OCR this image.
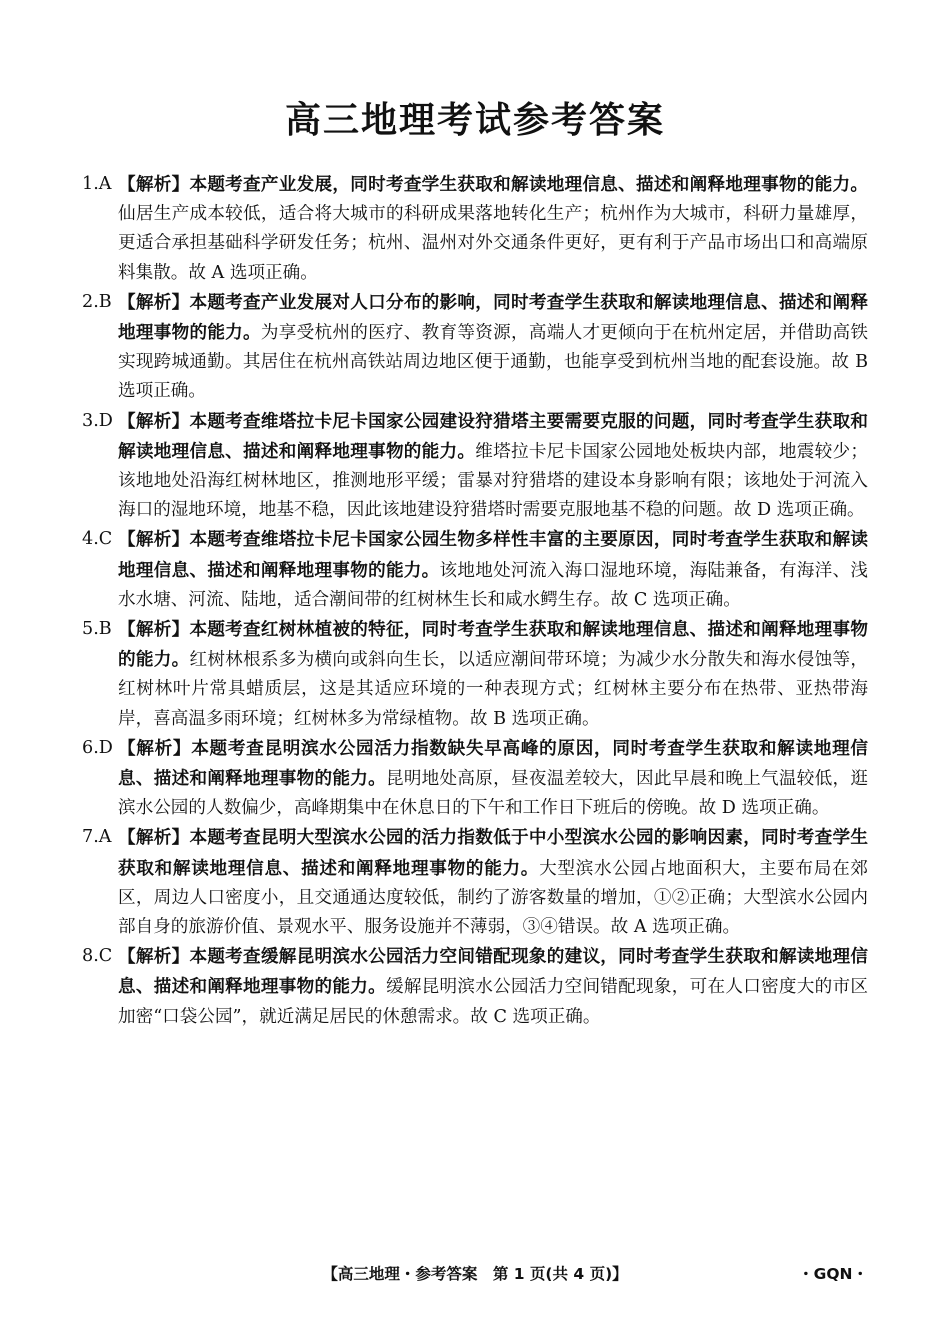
高三地理考试参考答案
1.A 【解析】本题考查产业发展，同时考查学生获取和解读地理信息、描述和阐释地理事物的能力。仙居生产成本较低，适合将大城市的科研成果落地转化生产；杭州作为大城市，科研力量雄厚，更适合承担基础科学研发任务；杭州、温州对外交通条件更好，更有利于产品市场出口和高端原料集散。故 A 选项正确。
2.B 【解析】本题考查产业发展对人口分布的影响，同时考查学生获取和解读地理信息、描述和阐释地理事物的能力。为享受杭州的医疗、教育等资源，高端人才更倾向于在杭州定居，并借助高铁实现跨城通勤。其居住在杭州高铁站周边地区便于通勤，也能享受到杭州当地的配套设施。故 B 选项正确。
3.D 【解析】本题考查维塔拉卡尼卡国家公园建设狩猎塔主要需要克服的问题，同时考查学生获取和解读地理信息、描述和阐释地理事物的能力。维塔拉卡尼卡国家公园地处板块内部，地震较少；该地地处沿海红树林地区，推测地形平缓；雷暴对狩猎塔的建设本身影响有限；该地处于河流入海口的湿地环境，地基不稳，因此该地建设狩猎塔时需要克服地基不稳的问题。故 D 选项正确。
4.C 【解析】本题考查维塔拉卡尼卡国家公园生物多样性丰富的主要原因，同时考查学生获取和解读地理信息、描述和阐释地理事物的能力。该地地处河流入海口湿地环境，海陆兼备，有海洋、浅水水塘、河流、陆地，适合潮间带的红树林生长和咸水鳄生存。故 C 选项正确。
5.B 【解析】本题考查红树林植被的特征，同时考查学生获取和解读地理信息、描述和阐释地理事物的能力。红树林根系多为横向或斜向生长，以适应潮间带环境；为减少水分散失和海水侵蚀等，红树林叶片常具蜡质层，这是其适应环境的一种表现方式；红树林主要分布在热带、亚热带海岸，喜高温多雨环境；红树林多为常绿植物。故 B 选项正确。
6.D 【解析】本题考查昆明滨水公园活力指数缺失早高峰的原因，同时考查学生获取和解读地理信息、描述和阐释地理事物的能力。昆明地处高原，昼夜温差较大，因此早晨和晚上气温较低，逛滨水公园的人数偏少，高峰期集中在休息日的下午和工作日下班后的傍晚。故 D 选项正确。
7.A 【解析】本题考查昆明大型滨水公园的活力指数低于中小型滨水公园的影响因素，同时考查学生获取和解读地理信息、描述和阐释地理事物的能力。大型滨水公园占地面积大，主要布局在郊区，周边人口密度小，且交通通达度较低，制约了游客数量的增加，①②正确；大型滨水公园内部自身的旅游价值、景观水平、服务设施并不薄弱，③④错误。故 A 选项正确。
8.C 【解析】本题考查缓解昆明滨水公园活力空间错配现象的建议，同时考查学生获取和解读地理信息、描述和阐释地理事物的能力。缓解昆明滨水公园活力空间错配现象，可在人口密度大的市区加密“口袋公园”，就近满足居民的休憩需求。故 C 选项正确。
【高三地理・参考答案　第 1 页(共 4 页)】	・GQN・
